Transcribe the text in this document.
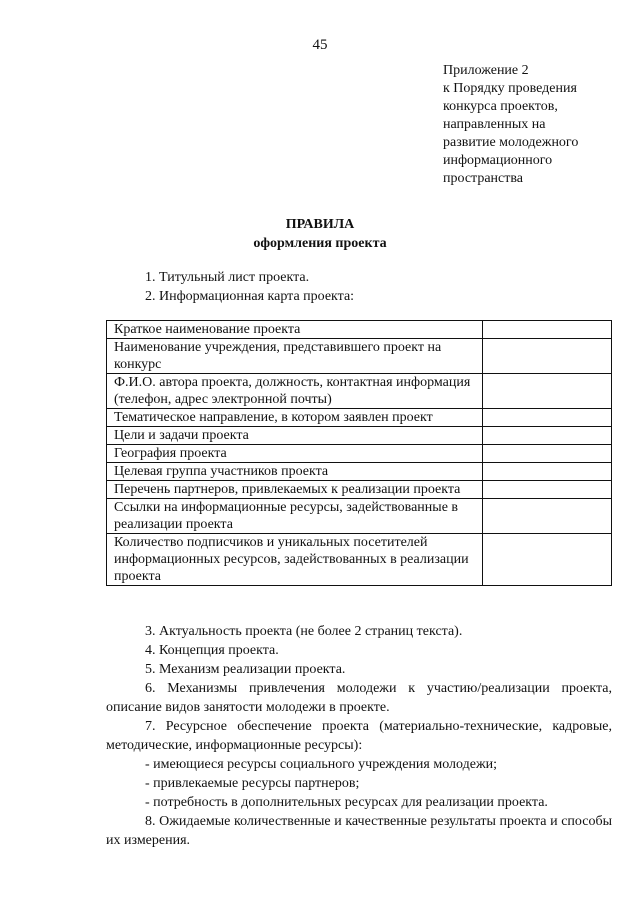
45
Приложение 2
к Порядку проведения
конкурса проектов,
направленных на
развитие молодежного
информационного
пространства
ПРАВИЛА
оформления проекта
1. Титульный лист проекта.
2. Информационная карта проекта:
Краткое наименование проекта	
Наименование учреждения, представившего проект на конкурс	
Ф.И.О. автора проекта, должность, контактная информация (телефон, адрес электронной почты)	
Тематическое направление, в котором заявлен проект	
Цели и задачи проекта	
География проекта	
Целевая группа участников проекта	
Перечень партнеров, привлекаемых к реализации проекта	
Ссылки на информационные ресурсы, задействованные в реализации проекта	
Количество подписчиков и уникальных посетителей информационных ресурсов, задействованных в реализации проекта	

3. Актуальность проекта (не более 2 страниц текста).

4. Концепция проекта.

5. Механизм реализации проекта.

6. Механизмы привлечения молодежи к участию/реализации проекта, описание видов занятости молодежи в проекте.

7. Ресурсное обеспечение проекта (материально-технические, кадровые, методические, информационные ресурсы):

- имеющиеся ресурсы социального учреждения молодежи;

- привлекаемые ресурсы партнеров;

- потребность в дополнительных ресурсах для реализации проекта.

8. Ожидаемые количественные и качественные результаты проекта и способы их измерения.
